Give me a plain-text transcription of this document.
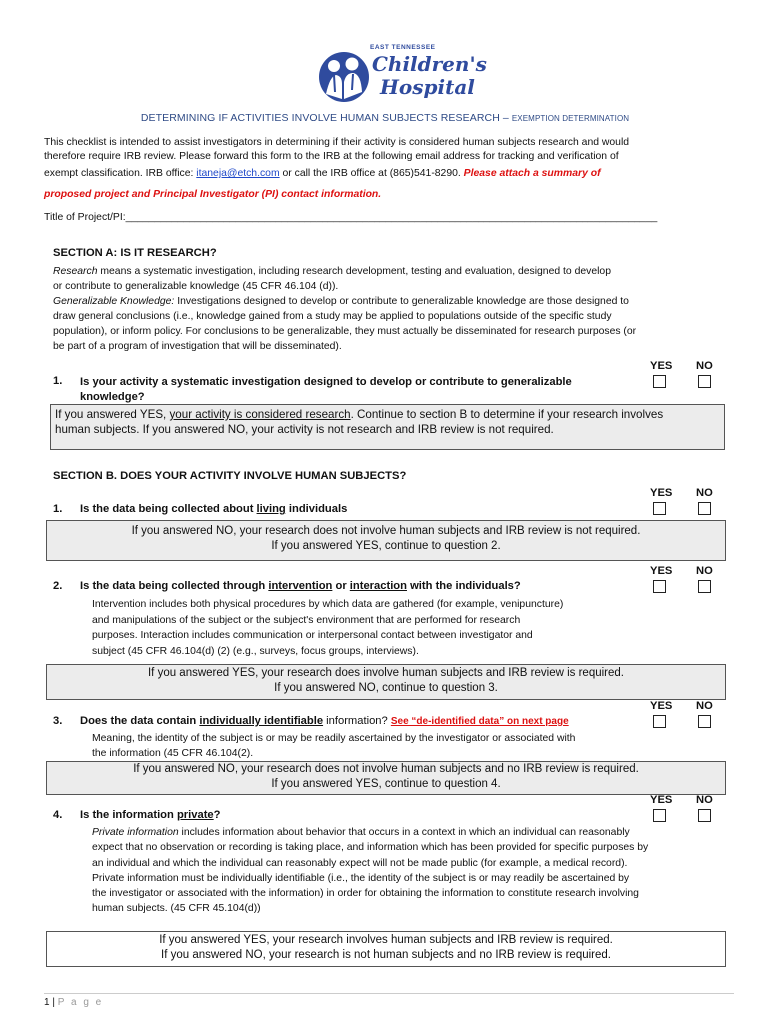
EAST TENNESSEE
Children's
Hospital
DETERMINING IF ACTIVITIES INVOLVE HUMAN SUBJECTS RESEARCH – EXEMPTION DETERMINATION
This checklist is intended to assist investigators in determining if their activity is considered human subjects research and would
therefore require IRB review. Please forward this form to the IRB at the following email address for tracking and verification of
exempt classification. IRB office: itaneja@etch.com or call the IRB office at (865)541-8290. Please attach a summary of
proposed project and Principal Investigator (PI) contact information.
Title of Project/PI:____________________________________________________________________________________________
SECTION A: IS IT RESEARCH?
Research means a systematic investigation, including research development, testing and evaluation, designed to develop
or contribute to generalizable knowledge (45 CFR 46.104 (d)).
Generalizable Knowledge: Investigations designed to develop or contribute to generalizable knowledge are those designed to
draw general conclusions (i.e., knowledge gained from a study may be applied to populations outside of the specific study
population), or inform policy. For conclusions to be generalizable, they must actually be disseminated for research purposes (or
be part of a program of investigation that will be disseminated).
YES NO
1. Is your activity a systematic investigation designed to develop or contribute to generalizable
knowledge?
If you answered YES, your activity is considered research. Continue to section B to determine if your research involves
human subjects. If you answered NO, your activity is not research and IRB review is not required.
SECTION B. DOES YOUR ACTIVITY INVOLVE HUMAN SUBJECTS?
YES NO
1. Is the data being collected about living individuals
If you answered NO, your research does not involve human subjects and IRB review is not required.
If you answered YES, continue to question 2.
YES NO
2. Is the data being collected through intervention or interaction with the individuals?
Intervention includes both physical procedures by which data are gathered (for example, venipuncture)
and manipulations of the subject or the subject's environment that are performed for research
purposes. Interaction includes communication or interpersonal contact between investigator and
subject (45 CFR 46.104(d) (2) (e.g., surveys, focus groups, interviews).
If you answered YES, your research does involve human subjects and IRB review is required.
If you answered NO, continue to question 3.
YES NO
3. Does the data contain individually identifiable information? See “de-identified data” on next page
Meaning, the identity of the subject is or may be readily ascertained by the investigator or associated with
the information (45 CFR 46.104(2).
If you answered NO, your research does not involve human subjects and no IRB review is required.
If you answered YES, continue to question 4.
YES NO
4. Is the information private?
Private information includes information about behavior that occurs in a context in which an individual can reasonably
expect that no observation or recording is taking place, and information which has been provided for specific purposes by
an individual and which the individual can reasonably expect will not be made public (for example, a medical record).
Private information must be individually identifiable (i.e., the identity of the subject is or may readily be ascertained by
the investigator or associated with the information) in order for obtaining the information to constitute research involving
human subjects. (45 CFR 45.104(d))
If you answered YES, your research involves human subjects and IRB review is required.
If you answered NO, your research is not human subjects and no IRB review is required.
1 | P a g e
